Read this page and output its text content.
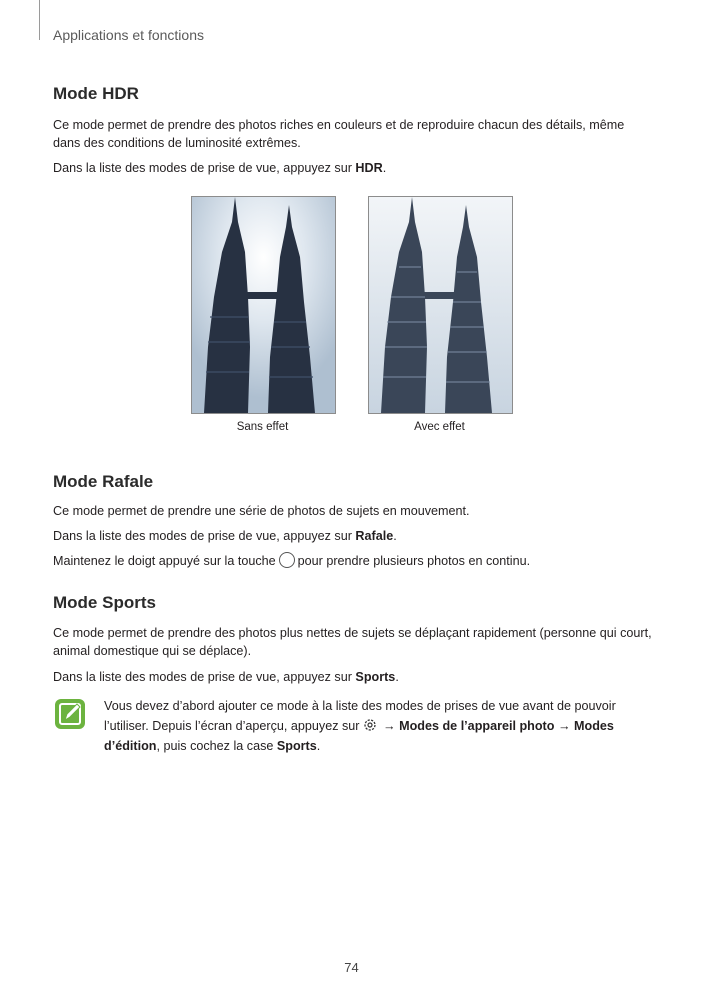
Applications et fonctions
Mode HDR

Ce mode permet de prendre des photos riches en couleurs et de reproduire chacun des détails, même dans des conditions de luminosité extrêmes.

Dans la liste des modes de prise de vue, appuyez sur HDR.

Sans effet	Avec effet
Mode Rafale

Ce mode permet de prendre une série de photos de sujets en mouvement.

Dans la liste des modes de prise de vue, appuyez sur Rafale.

Maintenez le doigt appuyé sur la touche pour prendre plusieurs photos en continu.

Mode Sports

Ce mode permet de prendre des photos plus nettes de sujets se déplaçant rapidement (personne qui court, animal domestique qui se déplace).

Dans la liste des modes de prise de vue, appuyez sur Sports.

Vous devez d’abord ajouter ce mode à la liste des modes de prises de vue avant de pouvoir l’utiliser. Depuis l’écran d’aperçu, appuyez sur → Modes de l’appareil photo → Modes d’édition, puis cochez la case Sports.

74
